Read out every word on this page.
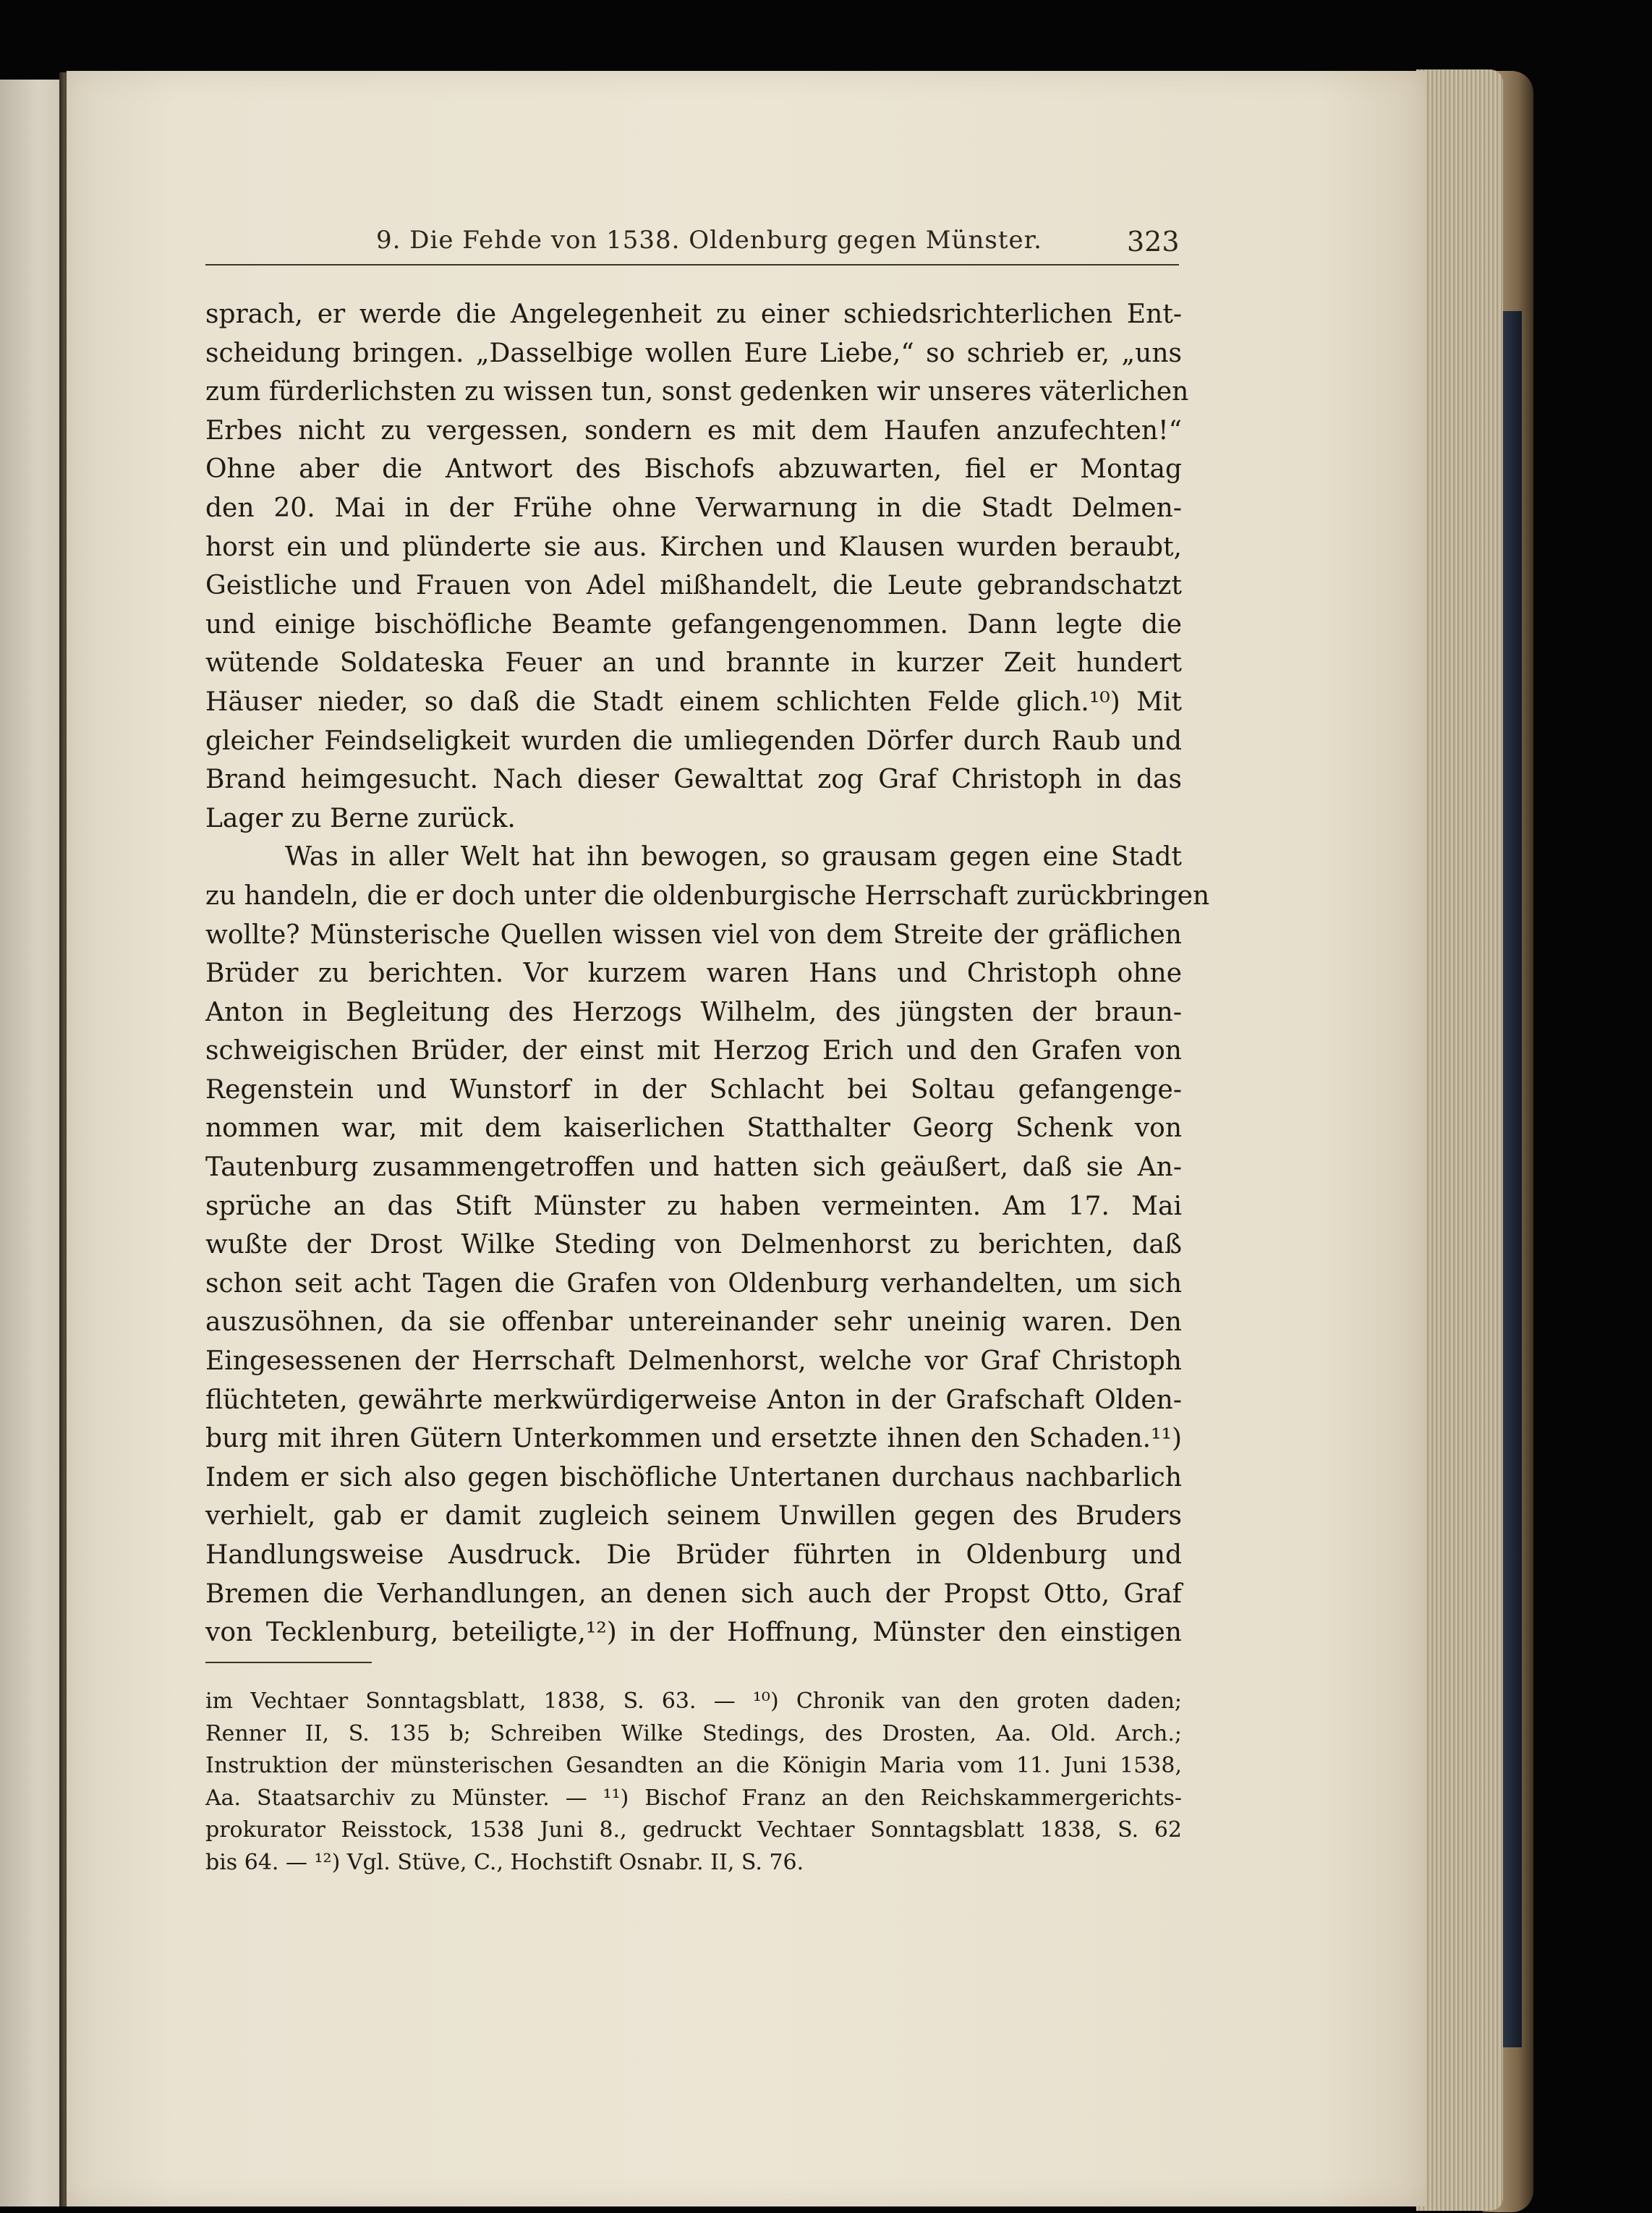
9. Die Fehde von 1538. Oldenburg gegen Münster.	323
sprach, er werde die Angelegenheit zu einer schiedsrichterlichen Ent-
scheidung bringen. „Dasselbige wollen Eure Liebe,“ so schrieb er, „uns
zum fürderlichsten zu wissen tun, sonst gedenken wir unseres väterlichen
Erbes nicht zu vergessen, sondern es mit dem Haufen anzufechten!“
Ohne aber die Antwort des Bischofs abzuwarten, fiel er Montag
den 20. Mai in der Frühe ohne Verwarnung in die Stadt Delmen-
horst ein und plünderte sie aus. Kirchen und Klausen wurden beraubt,
Geistliche und Frauen von Adel mißhandelt, die Leute gebrandschatzt
und einige bischöfliche Beamte gefangengenommen. Dann legte die
wütende Soldateska Feuer an und brannte in kurzer Zeit hundert
Häuser nieder, so daß die Stadt einem schlichten Felde glich.¹⁰) Mit
gleicher Feindseligkeit wurden die umliegenden Dörfer durch Raub und
Brand heimgesucht. Nach dieser Gewalttat zog Graf Christoph in das
Lager zu Berne zurück.
Was in aller Welt hat ihn bewogen, so grausam gegen eine Stadt
zu handeln, die er doch unter die oldenburgische Herrschaft zurückbringen
wollte? Münsterische Quellen wissen viel von dem Streite der gräflichen
Brüder zu berichten. Vor kurzem waren Hans und Christoph ohne
Anton in Begleitung des Herzogs Wilhelm, des jüngsten der braun-
schweigischen Brüder, der einst mit Herzog Erich und den Grafen von
Regenstein und Wunstorf in der Schlacht bei Soltau gefangenge-
nommen war, mit dem kaiserlichen Statthalter Georg Schenk von
Tautenburg zusammengetroffen und hatten sich geäußert, daß sie An-
sprüche an das Stift Münster zu haben vermeinten. Am 17. Mai
wußte der Drost Wilke Steding von Delmenhorst zu berichten, daß
schon seit acht Tagen die Grafen von Oldenburg verhandelten, um sich
auszusöhnen, da sie offenbar untereinander sehr uneinig waren. Den
Eingesessenen der Herrschaft Delmenhorst, welche vor Graf Christoph
flüchteten, gewährte merkwürdigerweise Anton in der Grafschaft Olden-
burg mit ihren Gütern Unterkommen und ersetzte ihnen den Schaden.¹¹)
Indem er sich also gegen bischöfliche Untertanen durchaus nachbarlich
verhielt, gab er damit zugleich seinem Unwillen gegen des Bruders
Handlungsweise Ausdruck. Die Brüder führten in Oldenburg und
Bremen die Verhandlungen, an denen sich auch der Propst Otto, Graf
von Tecklenburg, beteiligte,¹²) in der Hoffnung, Münster den einstigen
im Vechtaer Sonntagsblatt, 1838, S. 63. — ¹⁰) Chronik van den groten daden;
Renner II, S. 135 b; Schreiben Wilke Stedings, des Drosten, Aa. Old. Arch.;
Instruktion der münsterischen Gesandten an die Königin Maria vom 11. Juni 1538,
Aa. Staatsarchiv zu Münster. — ¹¹) Bischof Franz an den Reichskammergerichts-
prokurator Reisstock, 1538 Juni 8., gedruckt Vechtaer Sonntagsblatt 1838, S. 62
bis 64. — ¹²) Vgl. Stüve, C., Hochstift Osnabr. II, S. 76.
